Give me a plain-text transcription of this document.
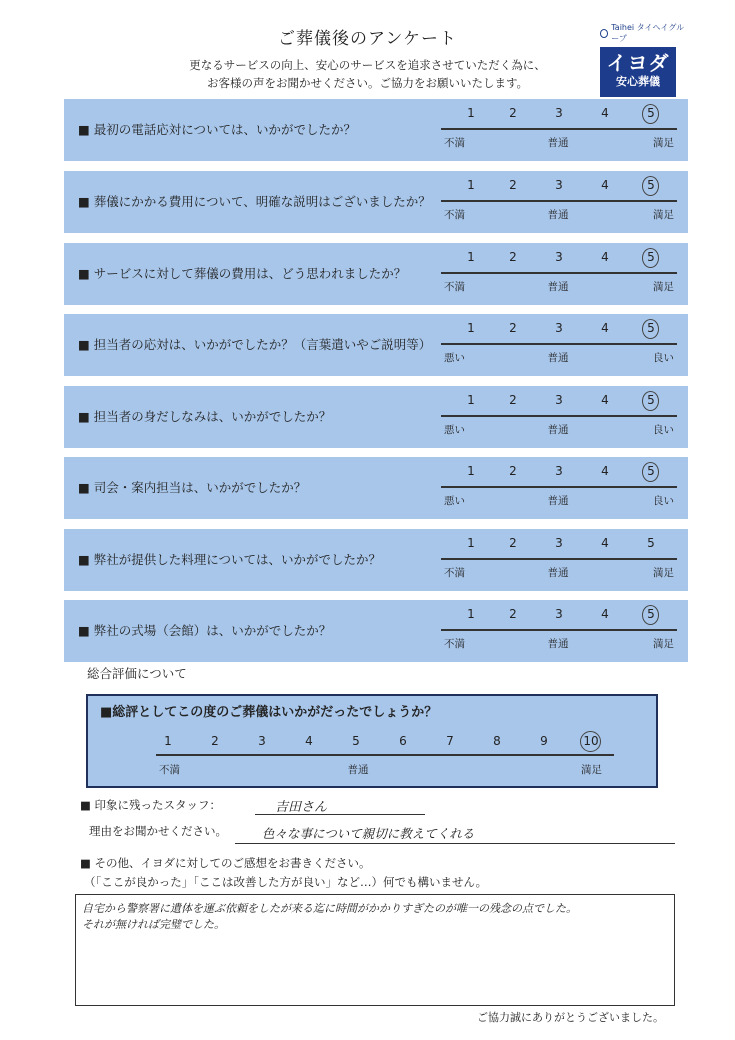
ご葬儀後のアンケート
更なるサービスの向上、安心のサービスを追求させていただく為に、
お客様の声をお聞かせください。ご協力をお願いいたします。
Taihei タイヘイグループ
イヨダ
安心葬儀
■ 最初の電話応対については、いかがでしたか？
1	2	3	4	5
不満	普通	満足
■ 葬儀にかかる費用について、明確な説明はございましたか？
1	2	3	4	5
不満	普通	満足
■ サービスに対して葬儀の費用は、どう思われましたか？
1	2	3	4	5
不満	普通	満足
■ 担当者の応対は、いかがでしたか？（言葉遣いやご説明等）
1	2	3	4	5
悪い	普通	良い
■ 担当者の身だしなみは、いかがでしたか？
1	2	3	4	5
悪い	普通	良い
■ 司会・案内担当は、いかがでしたか？
1	2	3	4	5
悪い	普通	良い
■ 弊社が提供した料理については、いかがでしたか？
1	2	3	4	5
不満	普通	満足
■ 弊社の式場（会館）は、いかがでしたか？
1	2	3	4	5
不満	普通	満足
総合評価について
■総評としてこの度のご葬儀はいかがだったでしょうか？
1	2	3	4	5	6	7	8	9	10
不満	普通	満足
■ 印象に残ったスタッフ：	吉田さん
理由をお聞かせください。	色々な事について親切に教えてくれる
■ その他、イヨダに対してのご感想をお書きください。
（「ここが良かった」「ここは改善した方が良い」など…）何でも構いません。
自宅から警察署に遺体を運ぶ依頼をしたが来る迄に時間がかかりすぎたのが唯一の残念の点でした。
それが無ければ完璧でした。
ご協力誠にありがとうございました。
